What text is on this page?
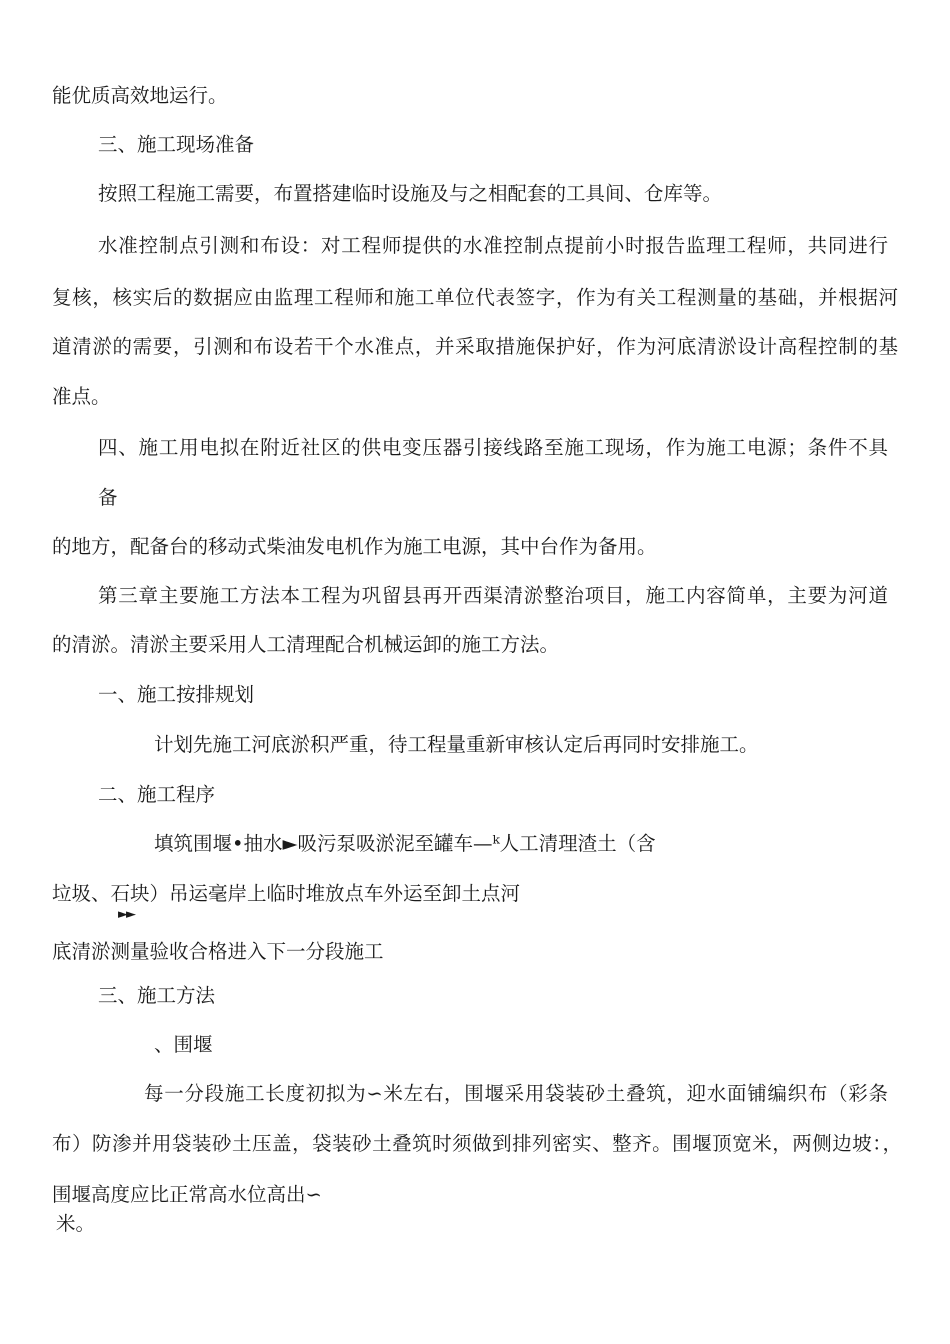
能优质高效地运行。
三、施工现场准备
按照工程施工需要，布置搭建临时设施及与之相配套的工具间、仓库等。
水准控制点引测和布设：对工程师提供的水准控制点提前小时报告监理工程师，共同进行
复核，核实后的数据应由监理工程师和施工单位代表签字，作为有关工程测量的基础，并根据河
道清淤的需要，引测和布设若干个水准点，并采取措施保护好，作为河底清淤设计高程控制的基
准点。
四、施工用电拟在附近社区的供电变压器引接线路至施工现场，作为施工电源；条件不具
备
的地方，配备台的移动式柴油发电机作为施工电源，其中台作为备用。
第三章主要施工方法本工程为巩留县再开西渠清淤整治项目，施工内容简单，主要为河道
的清淤。清淤主要采用人工清理配合机械运卸的施工方法。
一、施工按排规划
计划先施工河底淤积严重，待工程量重新审核认定后再同时安排施工。
二、施工程序
填筑围堰•抽水►吸污泵吸淤泥至罐车—ᵏ人工清理渣土（含
垃圾、石块）吊运毫岸上临时堆放点车外运至卸土点河
►►
底清淤测量验收合格进入下一分段施工
三、施工方法
、围堰
每一分段施工长度初拟为∽米左右，围堰采用袋装砂土叠筑，迎水面铺编织布（彩条
布）防渗并用袋装砂土压盖，袋装砂土叠筑时须做到排列密实、整齐。围堰顶宽米，两侧边坡：，
围堰高度应比正常高水位高出∽
米。
